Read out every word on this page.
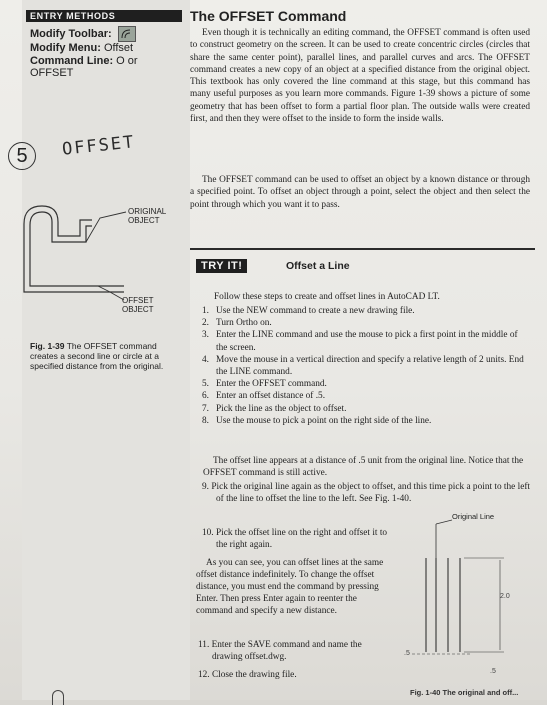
ENTRY METHODS
Modify Toolbar:
Modify Menu: Offset
Command Line: O or
OFFSET
5	OFFSET
ORIGINAL
OBJECT
OFFSET
OBJECT
Fig. 1-39 The OFFSET command creates a second line or circle at a specified distance from the original.
The OFFSET Command
Even though it is technically an editing command, the OFFSET command is often used to construct geometry on the screen. It can be used to create concentric circles (circles that share the same center point), parallel lines, and parallel curves and arcs. The OFFSET command creates a new copy of an object at a specified distance from the original object. This textbook has only covered the line command at this stage, but this command has many useful purposes as you learn more commands. Figure 1-39 shows a picture of some geometry that has been offset to form a partial floor plan. The outside walls were created first, and then they were offset to the inside to form the inside walls.
The OFFSET command can be used to offset an object by a known distance or through a specified point. To offset an object through a point, select the object and then select the point through which you want it to pass.
TRY IT!	Offset a Line
Follow these steps to create and offset lines in AutoCAD LT.
1. Use the NEW command to create a new drawing file.
2. Turn Ortho on.
3. Enter the LINE command and use the mouse to pick a first point in the middle of the screen.
4. Move the mouse in a vertical direction and specify a relative length of 2 units. End the LINE command.
5. Enter the OFFSET command.
6. Enter an offset distance of .5.
7. Pick the line as the object to offset.
8. Use the mouse to pick a point on the right side of the line.
The offset line appears at a distance of .5 unit from the original line. Notice that the OFFSET command is still active.
9. Pick the original line again as the object to offset, and this time pick a point to the left of the line to offset the line to the left. See Fig. 1-40.
10. Pick the offset line on the right and offset it to the right again.
As you can see, you can offset lines at the same offset distance indefinitely. To change the offset distance, you must end the command by pressing Enter. Then press Enter again to reenter the command and specify a new distance.
11. Enter the SAVE command and name the drawing offset.dwg.
12. Close the drawing file.
Original Line
2.0
.5
.5
Fig. 1-40 The original and off...
